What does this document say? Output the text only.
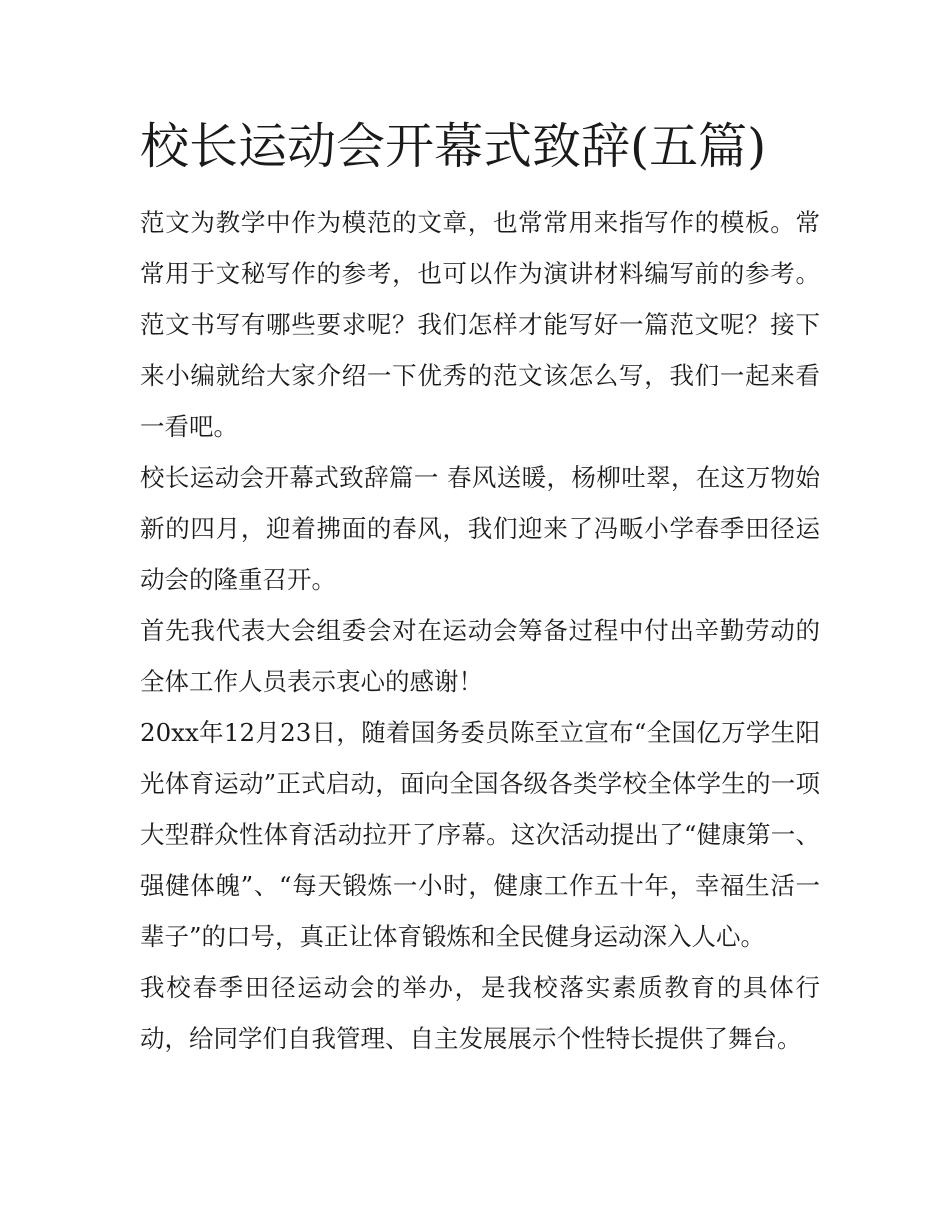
校长运动会开幕式致辞(五篇)

范文为教学中作为模范的文章，也常常用来指写作的模板。常常用于文秘写作的参考，也可以作为演讲材料编写前的参考。范文书写有哪些要求呢？我们怎样才能写好一篇范文呢？接下来小编就给大家介绍一下优秀的范文该怎么写，我们一起来看一看吧。

校长运动会开幕式致辞篇一 春风送暖，杨柳吐翠，在这万物始新的四月，迎着拂面的春风，我们迎来了冯畈小学春季田径运动会的隆重召开。

首先我代表大会组委会对在运动会筹备过程中付出辛勤劳动的全体工作人员表示衷心的感谢！

20xx年12月23日，随着国务委员陈至立宣布“全国亿万学生阳光体育运动”正式启动，面向全国各级各类学校全体学生的一项大型群众性体育活动拉开了序幕。这次活动提出了“健康第一、强健体魄”、“每天锻炼一小时，健康工作五十年，幸福生活一辈子”的口号，真正让体育锻炼和全民健身运动深入人心。

我校春季田径运动会的举办，是我校落实素质教育的具体行动，给同学们自我管理、自主发展展示个性特长提供了舞台。
